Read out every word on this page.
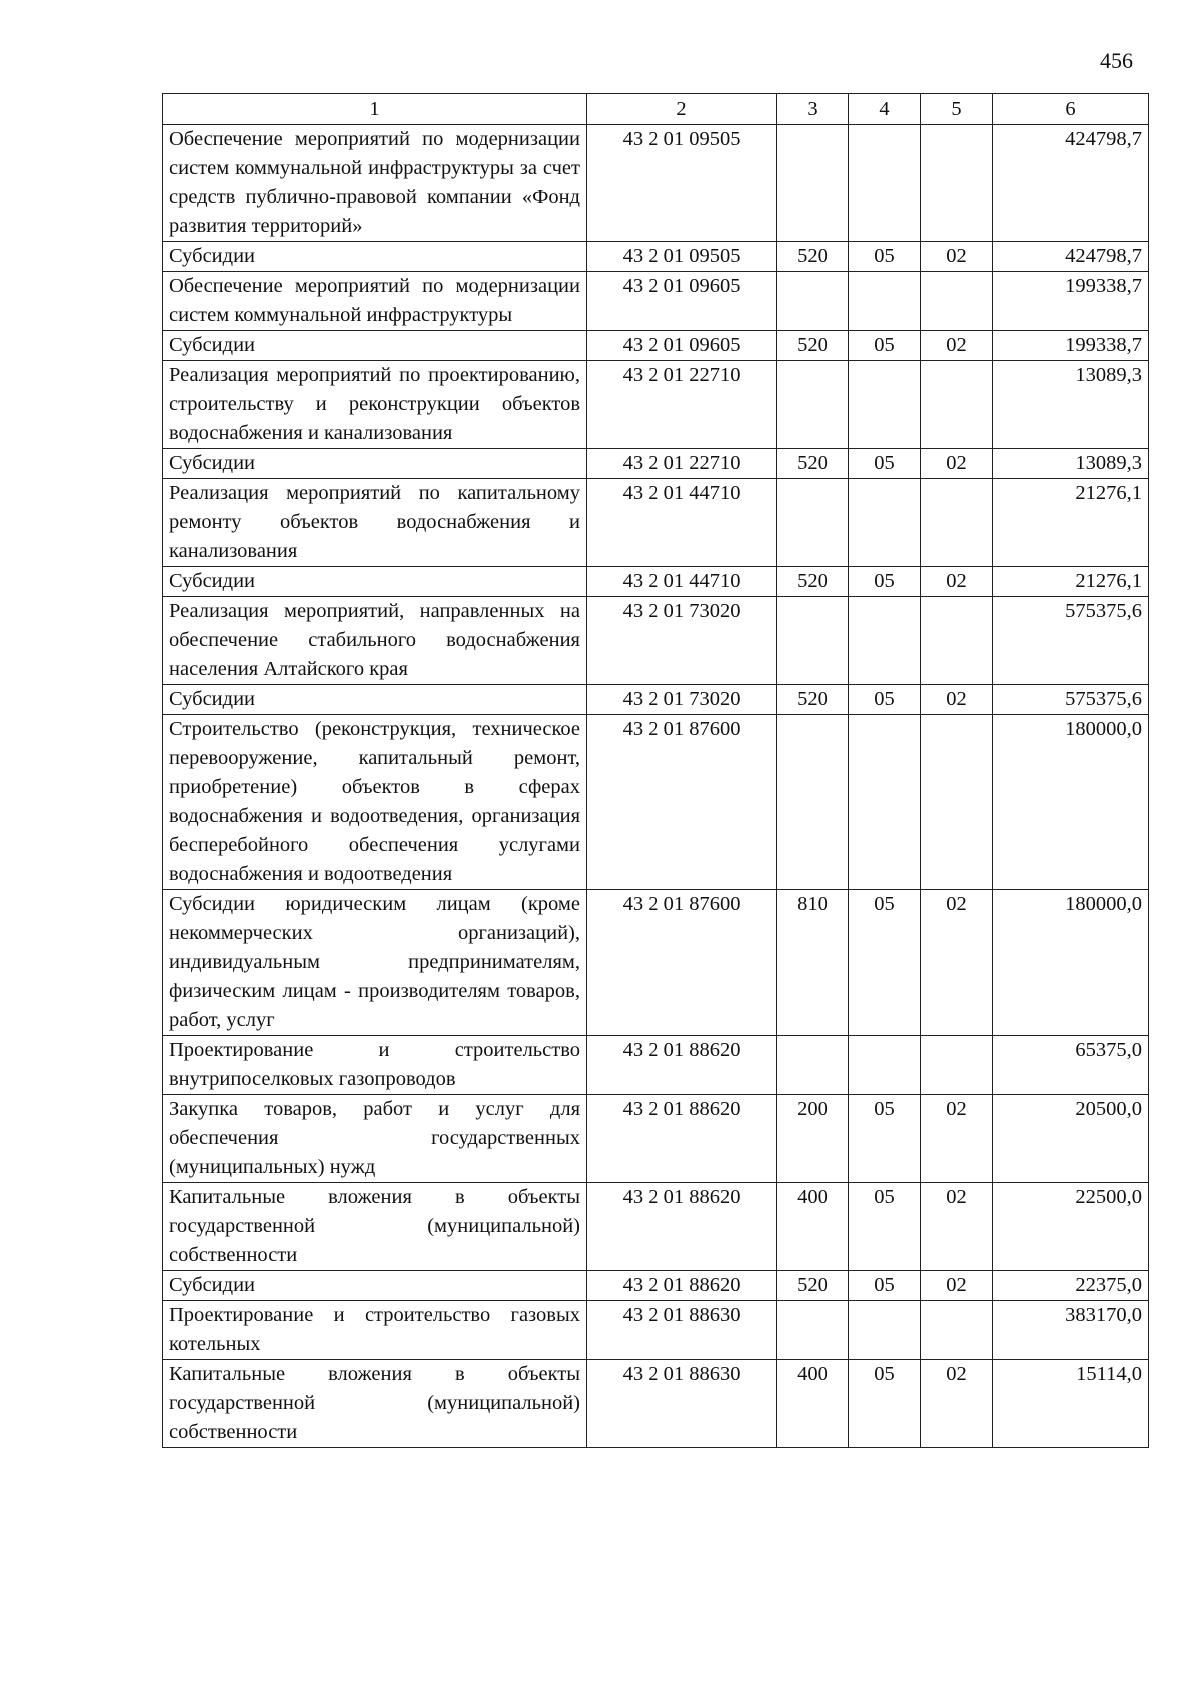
456
1	2	3	4	5	6
Обеспечение мероприятий по модернизации систем коммунальной инфраструктуры за счет средств публично-правовой компании «Фонд развития территорий»	43 2 01 09505				424798,7
Субсидии	43 2 01 09505	520	05	02	424798,7
Обеспечение мероприятий по модернизации систем коммунальной инфраструктуры	43 2 01 09605				199338,7
Субсидии	43 2 01 09605	520	05	02	199338,7
Реализация мероприятий по проектированию, строительству и реконструкции объектов водоснабжения и канализования	43 2 01 22710				13089,3
Субсидии	43 2 01 22710	520	05	02	13089,3
Реализация мероприятий по капитальному ремонту объектов водоснабжения и канализования	43 2 01 44710				21276,1
Субсидии	43 2 01 44710	520	05	02	21276,1
Реализация мероприятий, направленных на обеспечение стабильного водоснабжения населения Алтайского края	43 2 01 73020				575375,6
Субсидии	43 2 01 73020	520	05	02	575375,6
Строительство (реконструкция, техническое перевооружение, капитальный ремонт, приобретение) объектов в сферах водоснабжения и водоотведения, организация бесперебойного обеспечения услугами водоснабжения и водоотведения	43 2 01 87600				180000,0
Субсидии юридическим лицам (кроме некоммерческих организаций), индивидуальным предпринимателям, физическим лицам - производителям товаров, работ, услуг	43 2 01 87600	810	05	02	180000,0
Проектирование и строительство внутрипоселковых газопроводов	43 2 01 88620				65375,0
Закупка товаров, работ и услуг для обеспечения государственных (муниципальных) нужд	43 2 01 88620	200	05	02	20500,0
Капитальные вложения в объекты государственной (муниципальной) собственности	43 2 01 88620	400	05	02	22500,0
Субсидии	43 2 01 88620	520	05	02	22375,0
Проектирование и строительство газовых котельных	43 2 01 88630				383170,0
Капитальные вложения в объекты государственной (муниципальной) собственности	43 2 01 88630	400	05	02	15114,0
